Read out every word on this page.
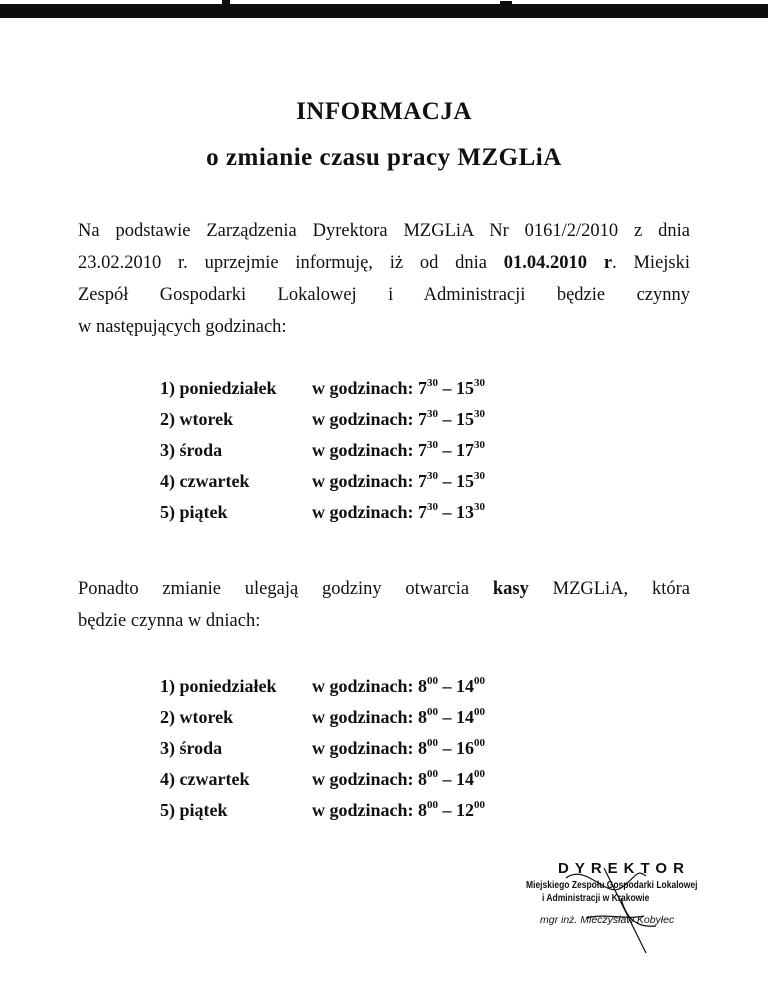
INFORMACJA
o zmianie czasu pracy MZGLiA
Na podstawie Zarządzenia Dyrektora MZGLiA Nr 0161/2/2010 z dnia
23.02.2010 r. uprzejmie informuję, iż od dnia 01.04.2010 r. Miejski
Zespół Gospodarki Lokalowej i Administracji będzie czynny
w następujących godzinach:
1) poniedziałek w godzinach: $7^{30} - 15^{30}$
2) wtorek	w godzinach: $7^{30} - 15^{30}$
3) środa	w godzinach: $7^{30} - 17^{30}$
4) czwartek	w godzinach: $7^{30} - 15^{30}$
5) piątek	w godzinach: $7^{30} - 13^{30}$
Ponadto zmianie ulegają godziny otwarcia kasy MZGLiA, która
będzie czynna w dniach:
1) poniedziałek w godzinach: $8^{00} - 14^{00}$
2) wtorek	w godzinach: $8^{00} - 14^{00}$
3) środa	w godzinach: $8^{00} - 16^{00}$
4) czwartek	w godzinach: $8^{00} - 14^{00}$
5) piątek	w godzinach: $8^{00} - 12^{00}$
DYREKTOR
Miejskiego Zespołu Gospodarki Lokalowej
i Administracji w Krakowie
mgr inż. Mieczysław Kobyłec
